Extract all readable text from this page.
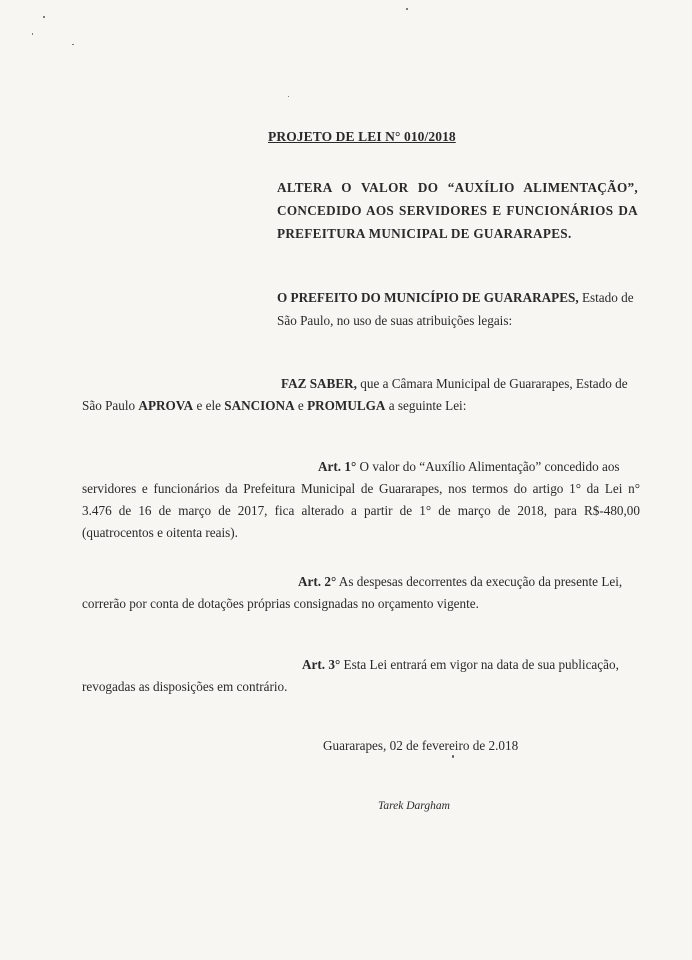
PROJETO DE LEI N° 010/2018
ALTERA O VALOR DO “AUXÍLIO ALIMENTAÇÃO”,
CONCEDIDO AOS SERVIDORES E FUNCIONÁRIOS DA
PREFEITURA MUNICIPAL DE GUARARAPES.
O PREFEITO DO MUNICÍPIO DE GUARARAPES, Estado de
São Paulo, no uso de suas atribuições legais:
FAZ SABER, que a Câmara Municipal de Guararapes, Estado de
São Paulo APROVA e ele SANCIONA e PROMULGA a seguinte Lei:
Art. 1° O valor do “Auxílio Alimentação” concedido aos
servidores e funcionários da Prefeitura Municipal de Guararapes, nos termos do artigo 1° da Lei n°
3.476 de 16 de março de 2017, fica alterado a partir de 1° de março de 2018, para R$-480,00
(quatrocentos e oitenta reais).
Art. 2° As despesas decorrentes da execução da presente Lei,
correrão por conta de dotações próprias consignadas no orçamento vigente.
Art. 3° Esta Lei entrará em vigor na data de sua publicação,
revogadas as disposições em contrário.
Guararapes, 02 de fevereiro de 2.018
Tarek Dargham
